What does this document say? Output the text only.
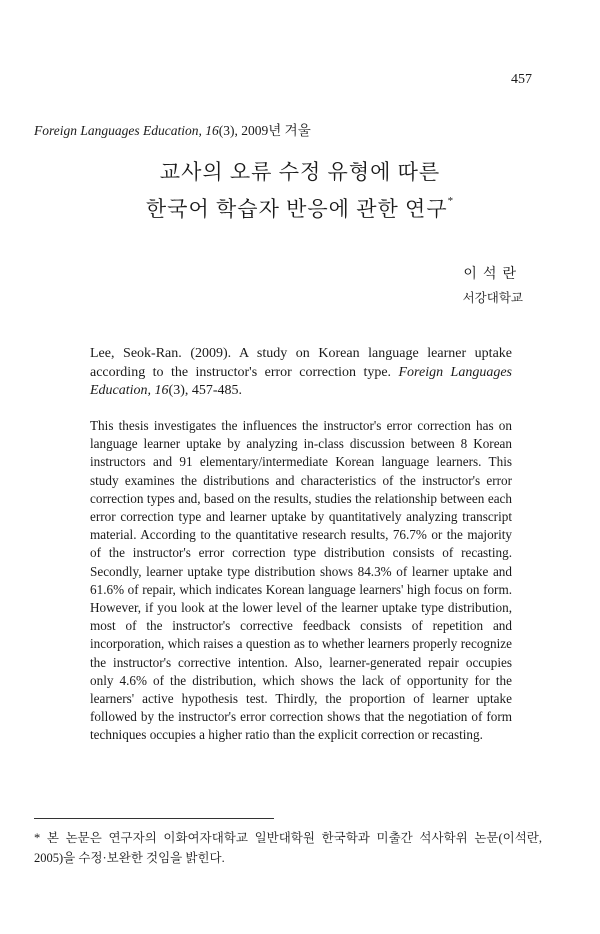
457
Foreign Languages Education, 16(3), 2009년 겨울
교사의 오류 수정 유형에 따른
한국어 학습자 반응에 관한 연구*
이석란
서강대학교
Lee, Seok-Ran. (2009). A study on Korean language learner uptake according to the instructor's error correction type. Foreign Languages Education, 16(3), 457-485.
This thesis investigates the influences the instructor's error correction has on language learner uptake by analyzing in-class discussion between 8 Korean instructors and 91 elementary/intermediate Korean language learners. This study examines the distributions and characteristics of the instructor's error correction types and, based on the results, studies the relationship between each error correction type and learner uptake by quantitatively analyzing transcript material. According to the quantitative research results, 76.7% or the majority of the instructor's error correction type distribution consists of recasting. Secondly, learner uptake type distribution shows 84.3% of learner uptake and 61.6% of repair, which indicates Korean language learners' high focus on form. However, if you look at the lower level of the learner uptake type distribution, most of the instructor's corrective feedback consists of repetition and incorporation, which raises a question as to whether learners properly recognize the instructor's corrective intention. Also, learner-generated repair occupies only 4.6% of the distribution, which shows the lack of opportunity for the learners' active hypothesis test. Thirdly, the proportion of learner uptake followed by the instructor's error correction shows that the negotiation of form techniques occupies a higher ratio than the explicit correction or recasting.
* 본 논문은 연구자의 이화여자대학교 일반대학원 한국학과 미출간 석사학위 논문(이석란, 2005)을 수정·보완한 것임을 밝힌다.
